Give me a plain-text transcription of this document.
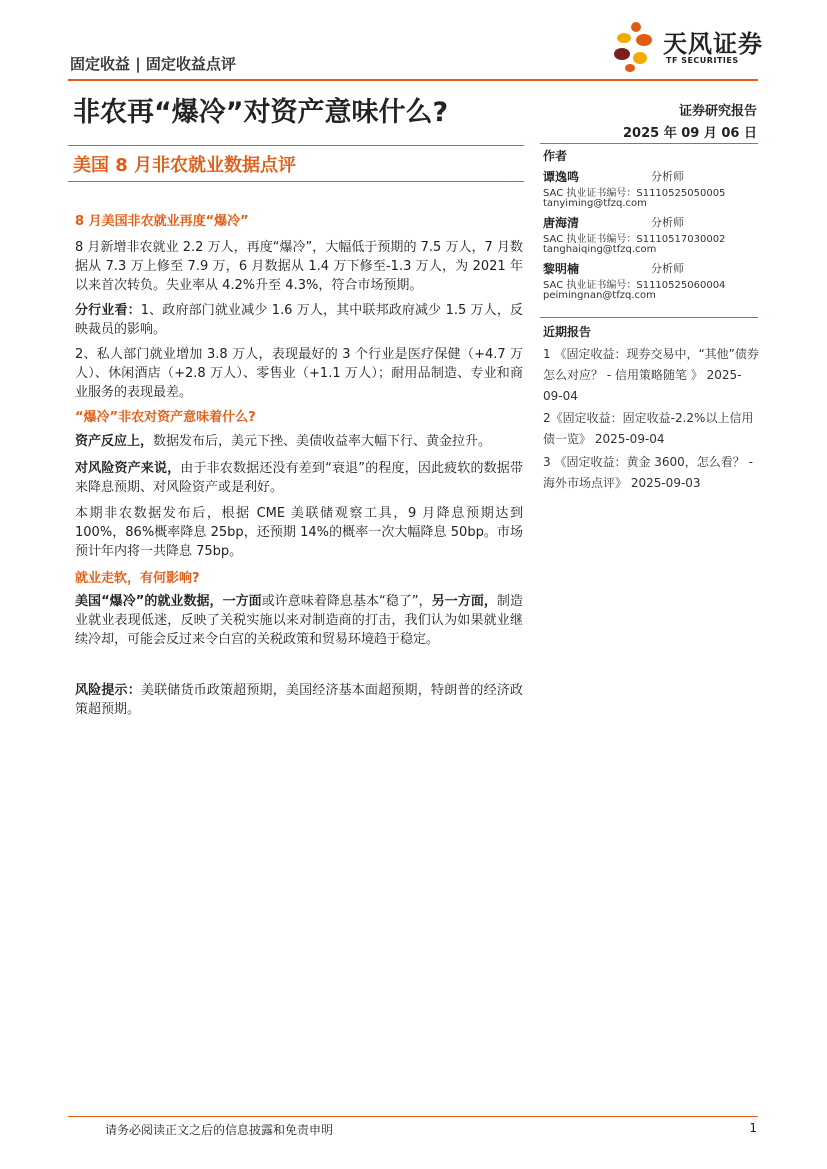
固定收益 | 固定收益点评
天风证券
TF SECURITIES
非农再“爆冷”对资产意味什么?
美国 8 月非农就业数据点评
证券研究报告
2025 年 09 月 06 日
作者
谭逸鸣	分析师
SAC 执业证书编号：S1110525050005
tanyiming@tfzq.com
唐海清	分析师
SAC 执业证书编号：S1110517030002
tanghaiqing@tfzq.com
黎明楠	分析师
SAC 执业证书编号：S1110525060004
peimingnan@tfzq.com
近期报告
1 《固定收益：现券交易中，“其他”债券怎么对应？ - 信用策略随笔 》 2025-09-04
2《固定收益：固定收益-2.2%以上信用债一览》 2025-09-04
3 《固定收益：黄金 3600，怎么看？ - 海外市场点评》 2025-09-03
8 月美国非农就业再度“爆冷”
8 月新增非农就业 2.2 万人，再度“爆冷”，大幅低于预期的 7.5 万人，7 月数据从 7.3 万上修至 7.9 万，6 月数据从 1.4 万下修至-1.3 万人，为 2021 年以来首次转负。失业率从 4.2%升至 4.3%，符合市场预期。
分行业看：1、政府部门就业减少 1.6 万人，其中联邦政府减少 1.5 万人，反映裁员的影响。
2、私人部门就业增加 3.8 万人，表现最好的 3 个行业是医疗保健（+4.7 万人）、休闲酒店（+2.8 万人）、零售业（+1.1 万人）；耐用品制造、专业和商业服务的表现最差。
“爆冷”非农对资产意味着什么?
资产反应上，数据发布后，美元下挫、美债收益率大幅下行、黄金拉升。
对风险资产来说，由于非农数据还没有差到“衰退”的程度，因此疲软的数据带来降息预期、对风险资产或是利好。
本期非农数据发布后，根据 CME 美联储观察工具，9 月降息预期达到 100%，86%概率降息 25bp，还预期 14%的概率一次大幅降息 50bp。市场预计年内将一共降息 75bp。
就业走软，有何影响?
美国“爆冷”的就业数据，一方面或许意味着降息基本“稳了”，另一方面，制造业就业表现低迷，反映了关税实施以来对制造商的打击，我们认为如果就业继续冷却，可能会反过来令白宫的关税政策和贸易环境趋于稳定。
风险提示：美联储货币政策超预期，美国经济基本面超预期，特朗普的经济政策超预期。
请务必阅读正文之后的信息披露和免责申明	1
